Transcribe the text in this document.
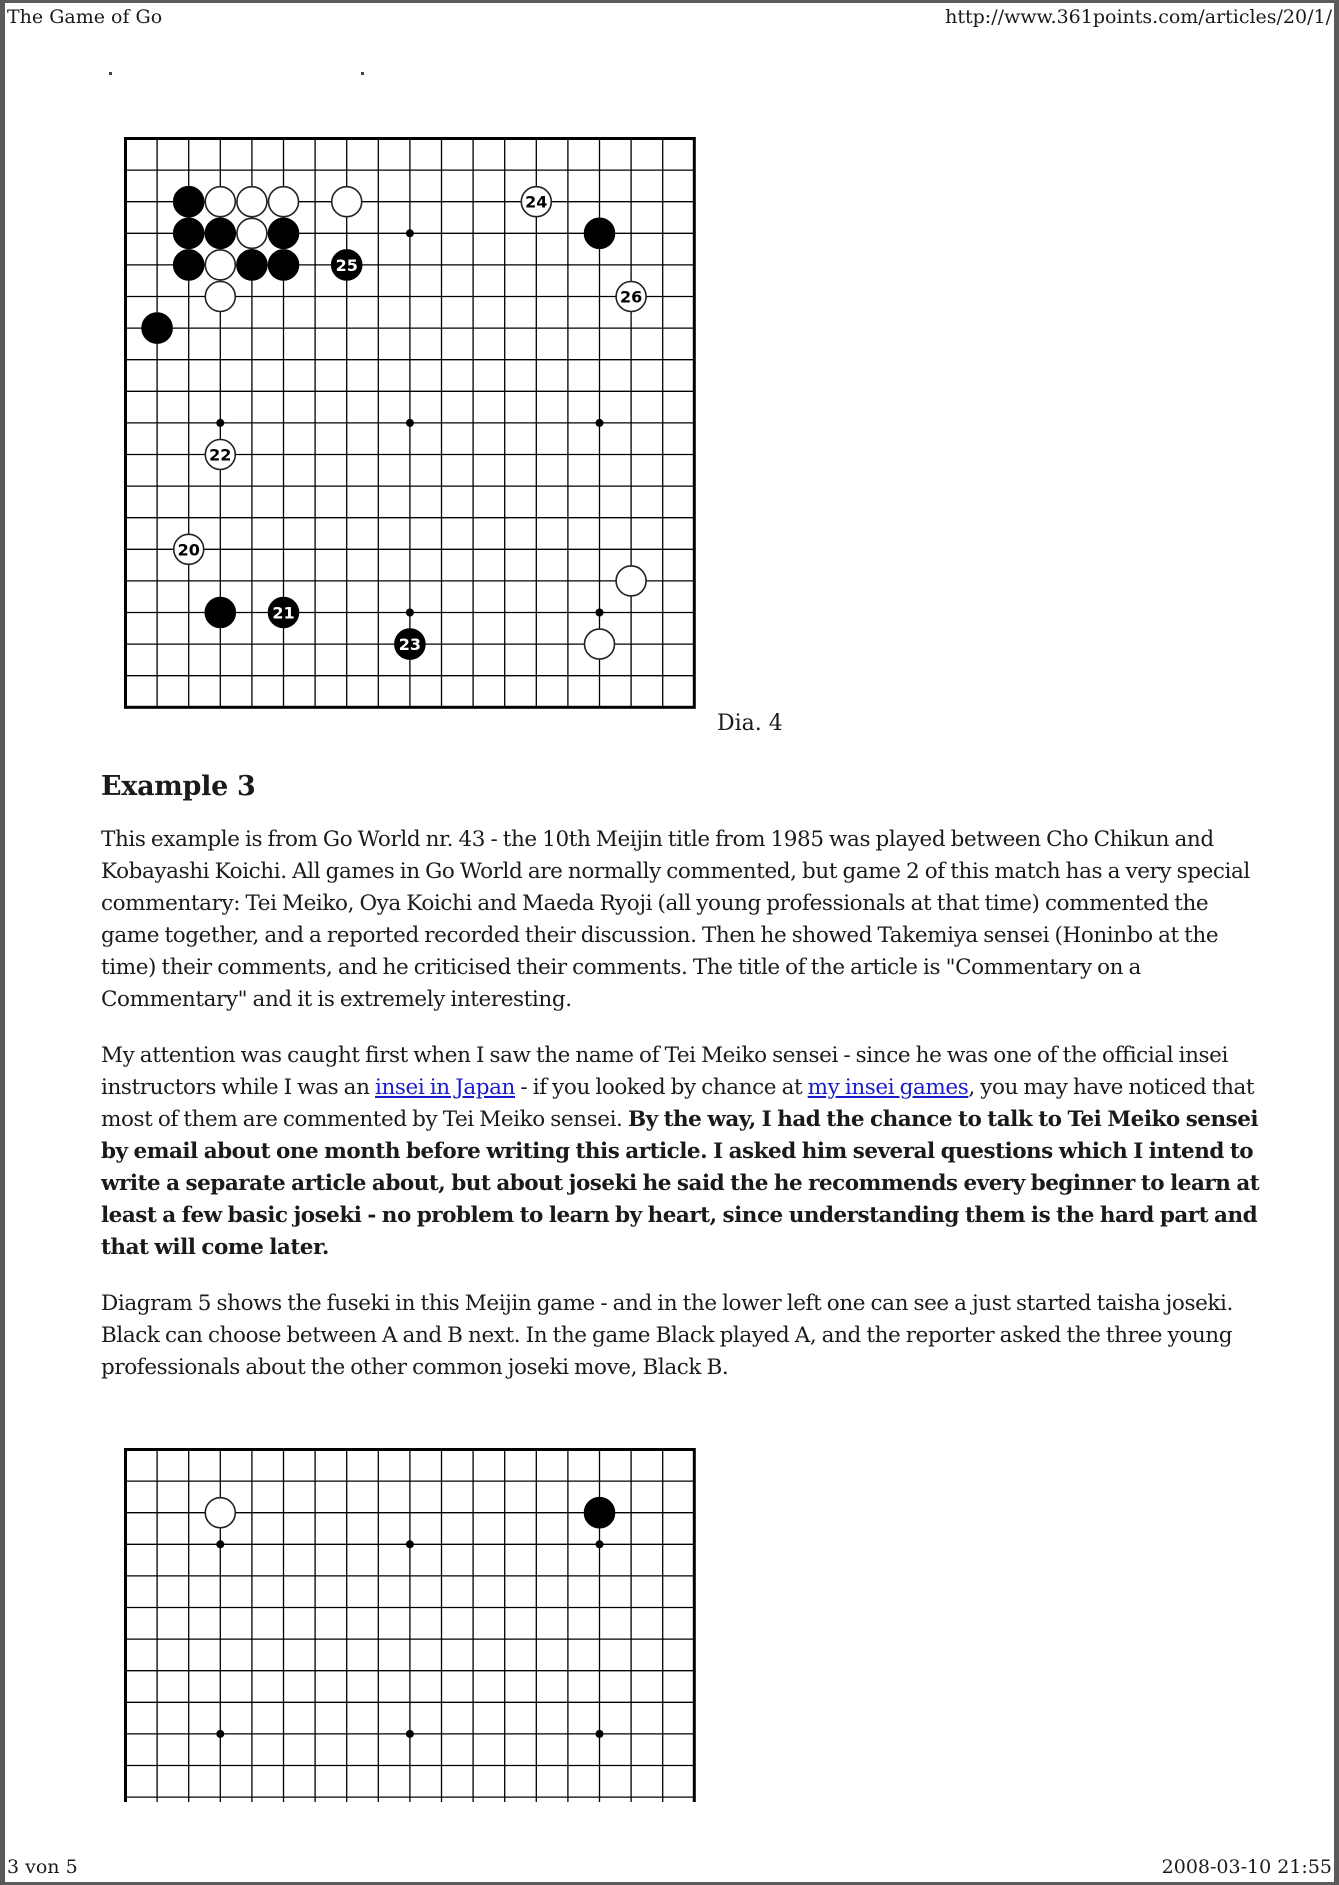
The Game of Go	http://www.361points.com/articles/20/1/
24
25
26
22
20
21
23
Dia. 4
Example 3

This example is from Go World nr. 43 - the 10th Meijin title from 1985 was played between Cho Chikun and Kobayashi Koichi. All games in Go World are normally commented, but game 2 of this match has a very special commentary: Tei Meiko, Oya Koichi and Maeda Ryoji (all young professionals at that time) commented the game together, and a reported recorded their discussion. Then he showed Takemiya sensei (Honinbo at the time) their comments, and he criticised their comments. The title of the article is "Commentary on a Commentary" and it is extremely interesting.

My attention was caught first when I saw the name of Tei Meiko sensei - since he was one of the official insei instructors while I was an insei in Japan - if you looked by chance at my insei games, you may have noticed that most of them are commented by Tei Meiko sensei. By the way, I had the chance to talk to Tei Meiko sensei by email about one month before writing this article. I asked him several questions which I intend to write a separate article about, but about joseki he said the he recommends every beginner to learn at least a few basic joseki - no problem to learn by heart, since understanding them is the hard part and that will come later.

Diagram 5 shows the fuseki in this Meijin game - and in the lower left one can see a just started taisha joseki. Black can choose between A and B next. In the game Black played A, and the reporter asked the three young professionals about the other common joseki move, Black B.

3 von 5	2008-03-10 21:55
